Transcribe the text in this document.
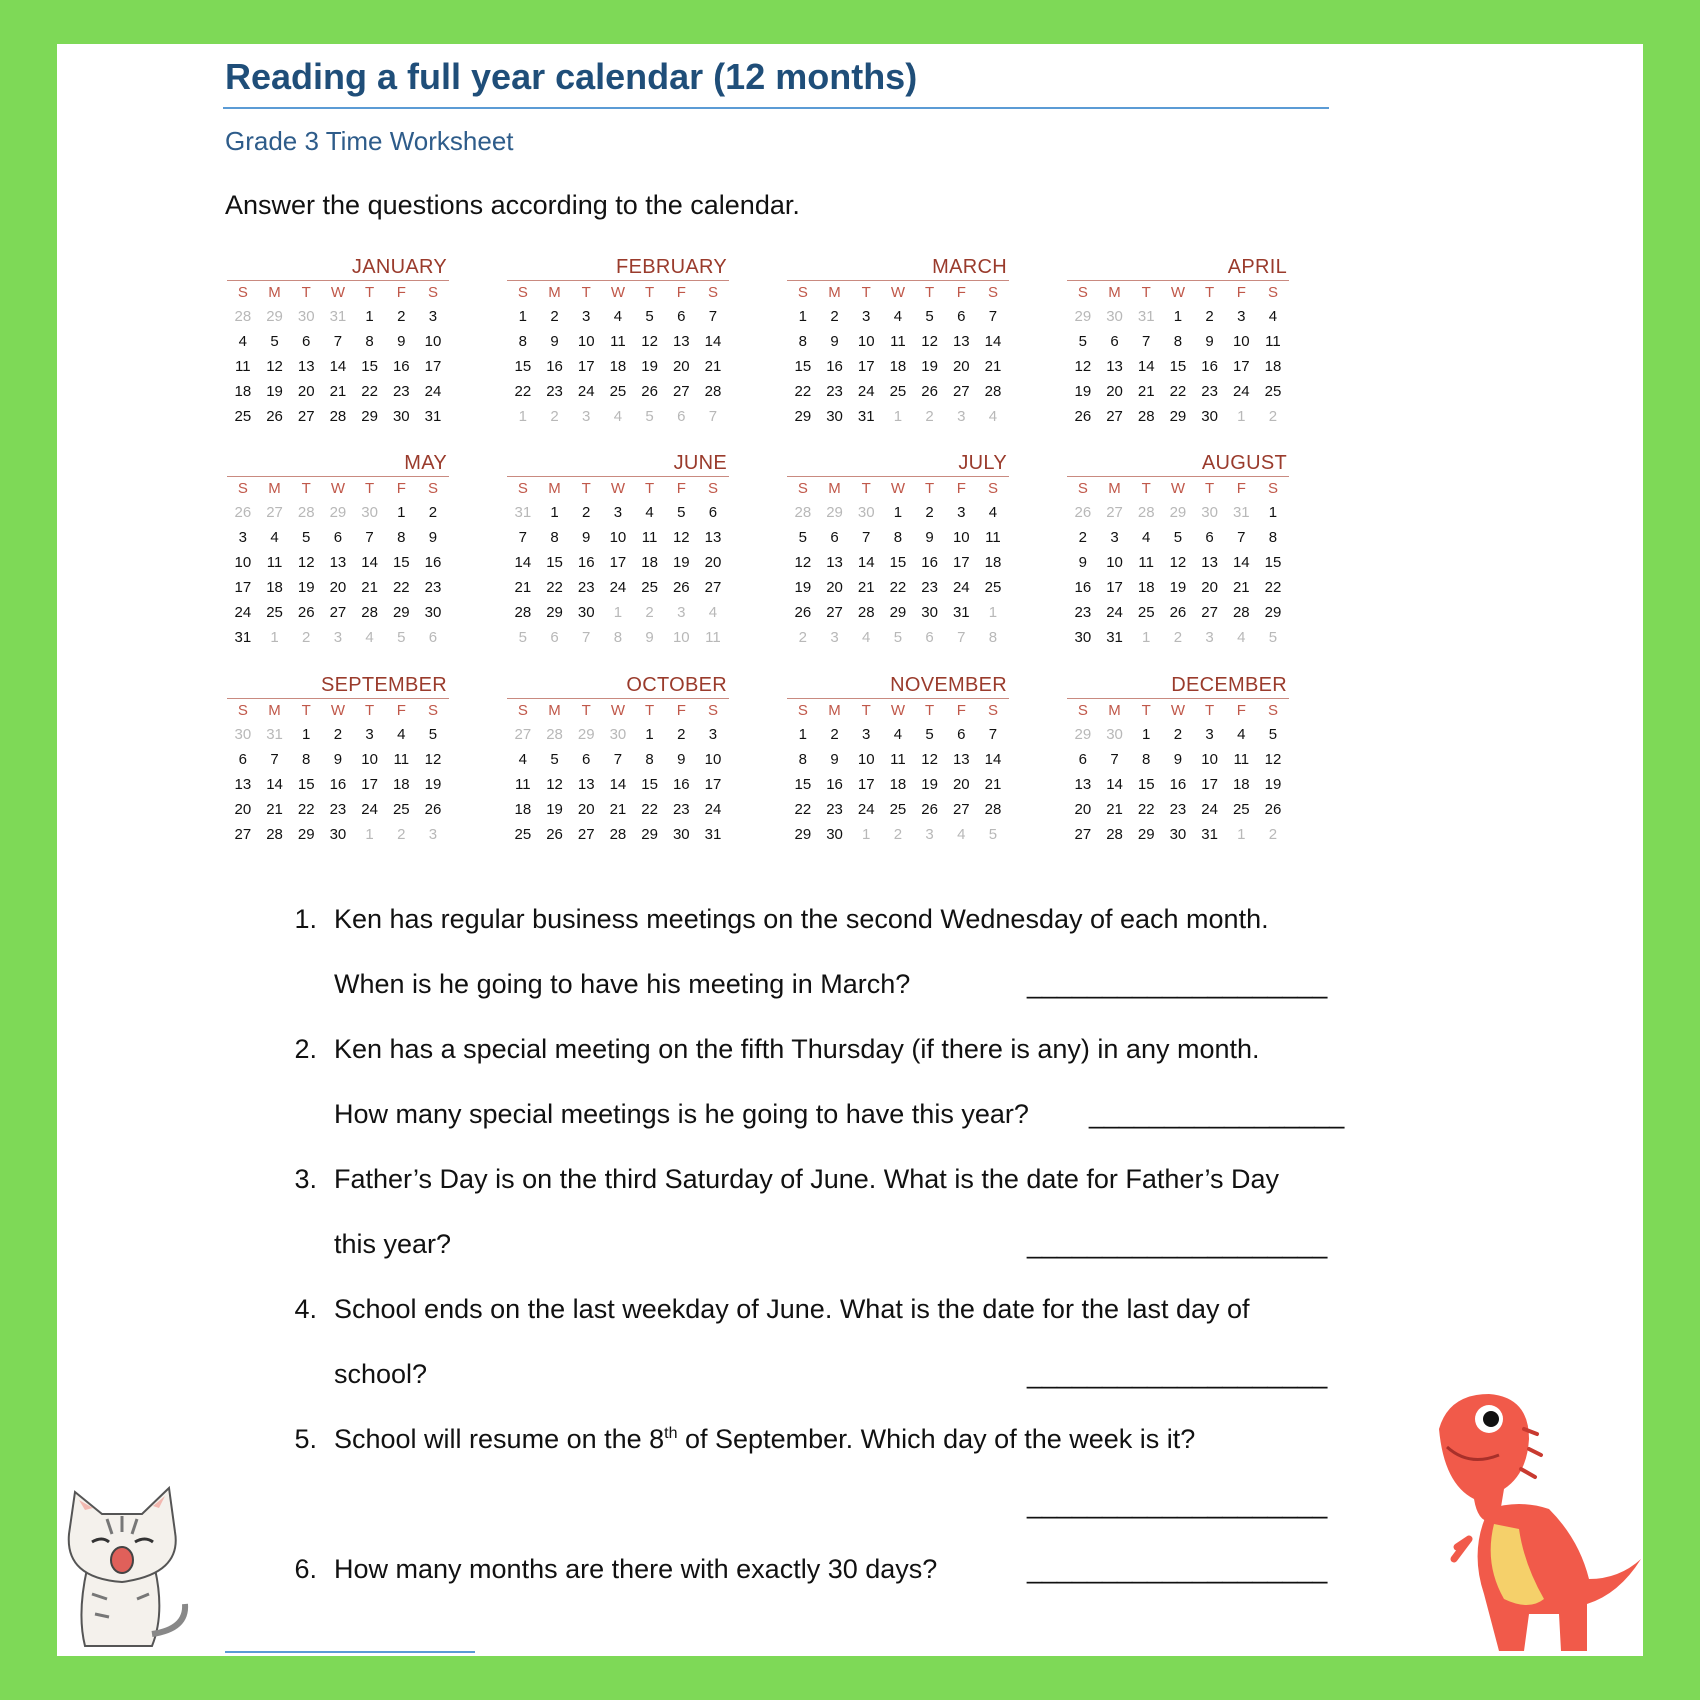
Reading a full year calendar (12 months)
Grade 3 Time Worksheet
Answer the questions according to the calendar.
JANUARY
S	M	T	W	T	F	S
28	29	30	31	1	2	3
4	5	6	7	8	9	10
11	12	13	14	15	16	17
18	19	20	21	22	23	24
25	26	27	28	29	30	31
FEBRUARY
S	M	T	W	T	F	S
1	2	3	4	5	6	7
8	9	10	11	12	13	14
15	16	17	18	19	20	21
22	23	24	25	26	27	28
1	2	3	4	5	6	7
MARCH
S	M	T	W	T	F	S
1	2	3	4	5	6	7
8	9	10	11	12	13	14
15	16	17	18	19	20	21
22	23	24	25	26	27	28
29	30	31	1	2	3	4
APRIL
S	M	T	W	T	F	S
29	30	31	1	2	3	4
5	6	7	8	9	10	11
12	13	14	15	16	17	18
19	20	21	22	23	24	25
26	27	28	29	30	1	2
MAY
S	M	T	W	T	F	S
26	27	28	29	30	1	2
3	4	5	6	7	8	9
10	11	12	13	14	15	16
17	18	19	20	21	22	23
24	25	26	27	28	29	30
31	1	2	3	4	5	6
JUNE
S	M	T	W	T	F	S
31	1	2	3	4	5	6
7	8	9	10	11	12	13
14	15	16	17	18	19	20
21	22	23	24	25	26	27
28	29	30	1	2	3	4
5	6	7	8	9	10	11
JULY
S	M	T	W	T	F	S
28	29	30	1	2	3	4
5	6	7	8	9	10	11
12	13	14	15	16	17	18
19	20	21	22	23	24	25
26	27	28	29	30	31	1
2	3	4	5	6	7	8
AUGUST
S	M	T	W	T	F	S
26	27	28	29	30	31	1
2	3	4	5	6	7	8
9	10	11	12	13	14	15
16	17	18	19	20	21	22
23	24	25	26	27	28	29
30	31	1	2	3	4	5
SEPTEMBER
S	M	T	W	T	F	S
30	31	1	2	3	4	5
6	7	8	9	10	11	12
13	14	15	16	17	18	19
20	21	22	23	24	25	26
27	28	29	30	1	2	3
OCTOBER
S	M	T	W	T	F	S
27	28	29	30	1	2	3
4	5	6	7	8	9	10
11	12	13	14	15	16	17
18	19	20	21	22	23	24
25	26	27	28	29	30	31
NOVEMBER
S	M	T	W	T	F	S
1	2	3	4	5	6	7
8	9	10	11	12	13	14
15	16	17	18	19	20	21
22	23	24	25	26	27	28
29	30	1	2	3	4	5
DECEMBER
S	M	T	W	T	F	S
29	30	1	2	3	4	5
6	7	8	9	10	11	12
13	14	15	16	17	18	19
20	21	22	23	24	25	26
27	28	29	30	31	1	2
1. Ken has regular business meetings on the second Wednesday of each month.
When is he going to have his meeting in March?	____________________
2. Ken has a special meeting on the fifth Thursday (if there is any) in any month.
How many special meetings is he going to have this year? _________________
3. Father’s Day is on the third Saturday of June. What is the date for Father’s Day
this year?	____________________
4. School ends on the last weekday of June. What is the date for the last day of
school?	____________________
5. School will resume on the 8th of September. Which day of the week is it?
____________________
6. How many months are there with exactly 30 days?	____________________
